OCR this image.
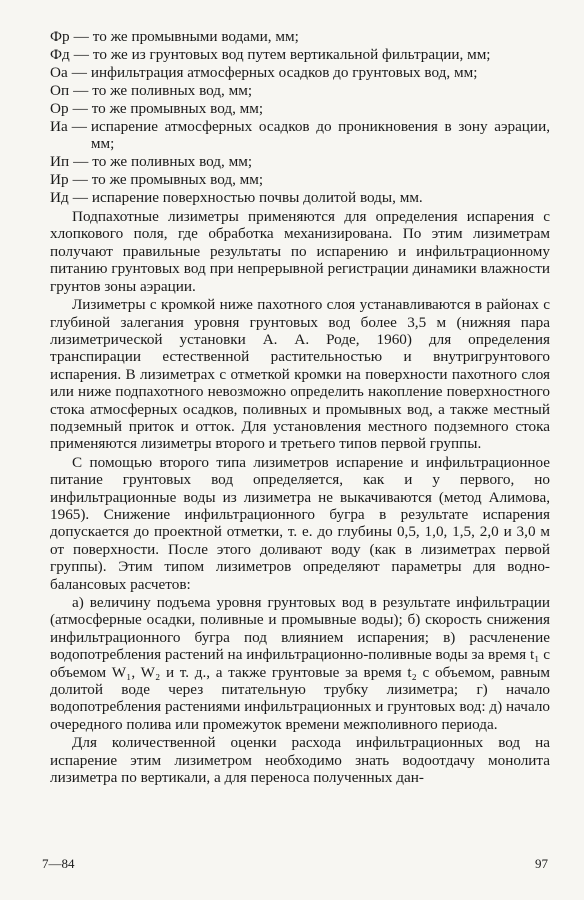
Фр — то же промывными водами, мм;
Фд — то же из грунтовых вод путем вертикальной фильтрации, мм;
Оа — инфильтрация атмосферных осадков до грунтовых вод, мм;
Оп — то же поливных вод, мм;
Ор — то же промывных вод, мм;
Иа — испарение атмосферных осадков до проникновения в зону аэрации, мм;
Ип — то же поливных вод, мм;
Ир — то же промывных вод, мм;
Ид — испарение поверхностью почвы долитой воды, мм.

Подпахотные лизиметры применяются для определения испарения с хлопкового поля, где обработка механизирована. По этим лизиметрам получают правильные результаты по испарению и инфильтрационному питанию грунтовых вод при непрерывной регистрации динамики влажности грунтов зоны аэрации.

Лизиметры с кромкой ниже пахотного слоя устанавливаются в районах с глубиной залегания уровня грунтовых вод более 3,5 м (нижняя пара лизиметрической установки А. А. Роде, 1960) для определения транспирации естественной растительностью и внутригрунтового испарения. В лизиметрах с отметкой кромки на поверхности пахотного слоя или ниже подпахотного невозможно определить накопление поверхностного стока атмосферных осадков, поливных и промывных вод, а также местный подземный приток и отток. Для установления местного подземного стока применяются лизиметры второго и третьего типов первой группы.

С помощью второго типа лизиметров испарение и инфильтрационное питание грунтовых вод определяется, как и у первого, но инфильтрационные воды из лизиметра не выкачиваются (метод Алимова, 1965). Снижение инфильтрационного бугра в результате испарения допускается до проектной отметки, т. е. до глубины 0,5, 1,0, 1,5, 2,0 и 3,0 м от поверхности. После этого доливают воду (как в лизиметрах первой группы). Этим типом лизиметров определяют параметры для водно-балансовых расчетов:

а) величину подъема уровня грунтовых вод в результате инфильтрации (атмосферные осадки, поливные и промывные воды); б) скорость снижения инфильтрационного бугра под влиянием испарения; в) расчленение водопотребления растений на инфильтрационно-поливные воды за время t₁ с объемом W₁, W₂ и т. д., а также грунтовые за время t₂ с объемом, равным долитой воде через питательную трубку лизиметра; г) начало водопотребления растениями инфильтрационных и грунтовых вод: д) начало очередного полива или промежуток времени межполивного периода.

Для количественной оценки расхода инфильтрационных вод на испарение этим лизиметром необходимо знать водоотдачу монолита лизиметра по вертикали, а для переноса полученных дан-

7—84	97
